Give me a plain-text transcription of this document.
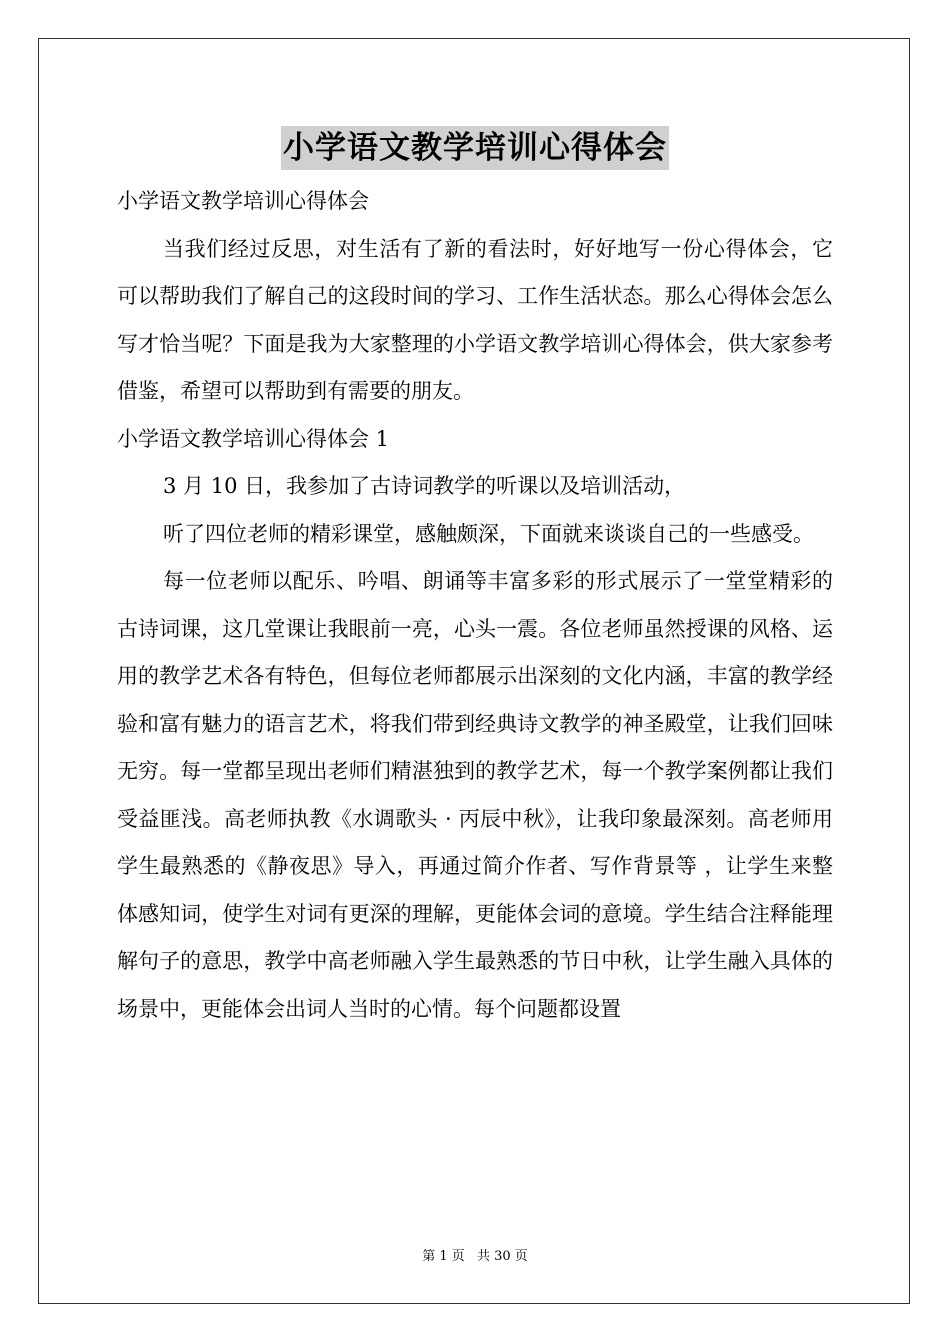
小学语文教学培训心得体会

小学语文教学培训心得体会

当我们经过反思，对生活有了新的看法时，好好地写一份心得体会，它可以帮助我们了解自己的这段时间的学习、工作生活状态。那么心得体会怎么写才恰当呢？下面是我为大家整理的小学语文教学培训心得体会，供大家参考借鉴，希望可以帮助到有需要的朋友。

小学语文教学培训心得体会 1

3 月 10 日，我参加了古诗词教学的听课以及培训活动，

听了四位老师的精彩课堂，感触颇深，下面就来谈谈自己的一些感受。

每一位老师以配乐、吟唱、朗诵等丰富多彩的形式展示了一堂堂精彩的古诗词课，这几堂课让我眼前一亮，心头一震。各位老师虽然授课的风格、运用的教学艺术各有特色，但每位老师都展示出深刻的文化内涵，丰富的教学经验和富有魅力的语言艺术，将我们带到经典诗文教学的神圣殿堂，让我们回味无穷。每一堂都呈现出老师们精湛独到的教学艺术，每一个教学案例都让我们受益匪浅。高老师执教《水调歌头 · 丙辰中秋》，让我印象最深刻。高老师用学生最熟悉的《静夜思》导入，再通过简介作者、写作背景等 ，让学生来整体感知词，使学生对词有更深的理解，更能体会词的意境。学生结合注释能理解句子的意思，教学中高老师融入学生最熟悉的节日中秋，让学生融入具体的场景中，更能体会出词人当时的心情。每个问题都设置

第 1 页 共 30 页
